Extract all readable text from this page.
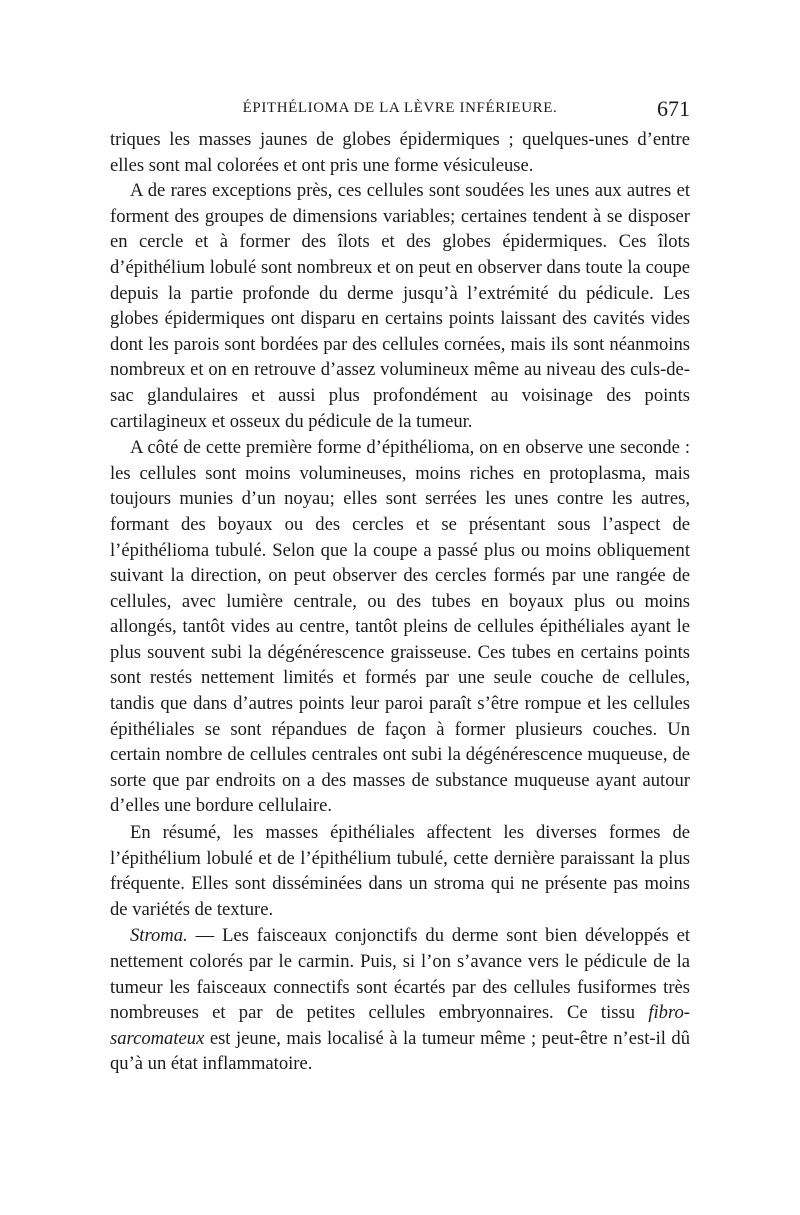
ÉPITHÉLIOMA DE LA LÈVRE INFÉRIEURE.	671

triques les masses jaunes de globes épidermiques ; quelques-unes d’entre elles sont mal colorées et ont pris une forme vésiculeuse.

A de rares exceptions près, ces cellules sont soudées les unes aux autres et forment des groupes de dimensions variables; certaines tendent à se disposer en cercle et à former des îlots et des globes épidermiques. Ces îlots d’épithélium lobulé sont nombreux et on peut en observer dans toute la coupe depuis la partie profonde du derme jusqu’à l’extrémité du pédicule. Les globes épidermiques ont disparu en certains points laissant des cavités vides dont les parois sont bordées par des cellules cornées, mais ils sont néanmoins nombreux et on en retrouve d’assez volumineux même au niveau des culs-de-sac glandulaires et aussi plus profondément au voisinage des points cartilagineux et osseux du pédicule de la tumeur.

A côté de cette première forme d’épithélioma, on en observe une seconde : les cellules sont moins volumineuses, moins riches en protoplasma, mais toujours munies d’un noyau; elles sont serrées les unes contre les autres, formant des boyaux ou des cercles et se présentant sous l’aspect de l’épithélioma tubulé. Selon que la coupe a passé plus ou moins obliquement suivant la direction, on peut observer des cercles formés par une rangée de cellules, avec lumière centrale, ou des tubes en boyaux plus ou moins allongés, tantôt vides au centre, tantôt pleins de cellules épithéliales ayant le plus souvent subi la dégénérescence graisseuse. Ces tubes en certains points sont restés nettement limités et formés par une seule couche de cellules, tandis que dans d’autres points leur paroi paraît s’être rompue et les cellules épithéliales se sont répandues de façon à former plusieurs couches. Un certain nombre de cellules centrales ont subi la dégénérescence muqueuse, de sorte que par endroits on a des masses de substance muqueuse ayant autour d’elles une bordure cellulaire.

En résumé, les masses épithéliales affectent les diverses formes de l’épithélium lobulé et de l’épithélium tubulé, cette dernière paraissant la plus fréquente. Elles sont disséminées dans un stroma qui ne présente pas moins de variétés de texture.

Stroma. — Les faisceaux conjonctifs du derme sont bien développés et nettement colorés par le carmin. Puis, si l’on s’avance vers le pédicule de la tumeur les faisceaux connectifs sont écartés par des cellules fusiformes très nombreuses et par de petites cellules embryonnaires. Ce tissu fibro-sarcomateux est jeune, mais localisé à la tumeur même ; peut-être n’est-il dû qu’à un état inflammatoire.
